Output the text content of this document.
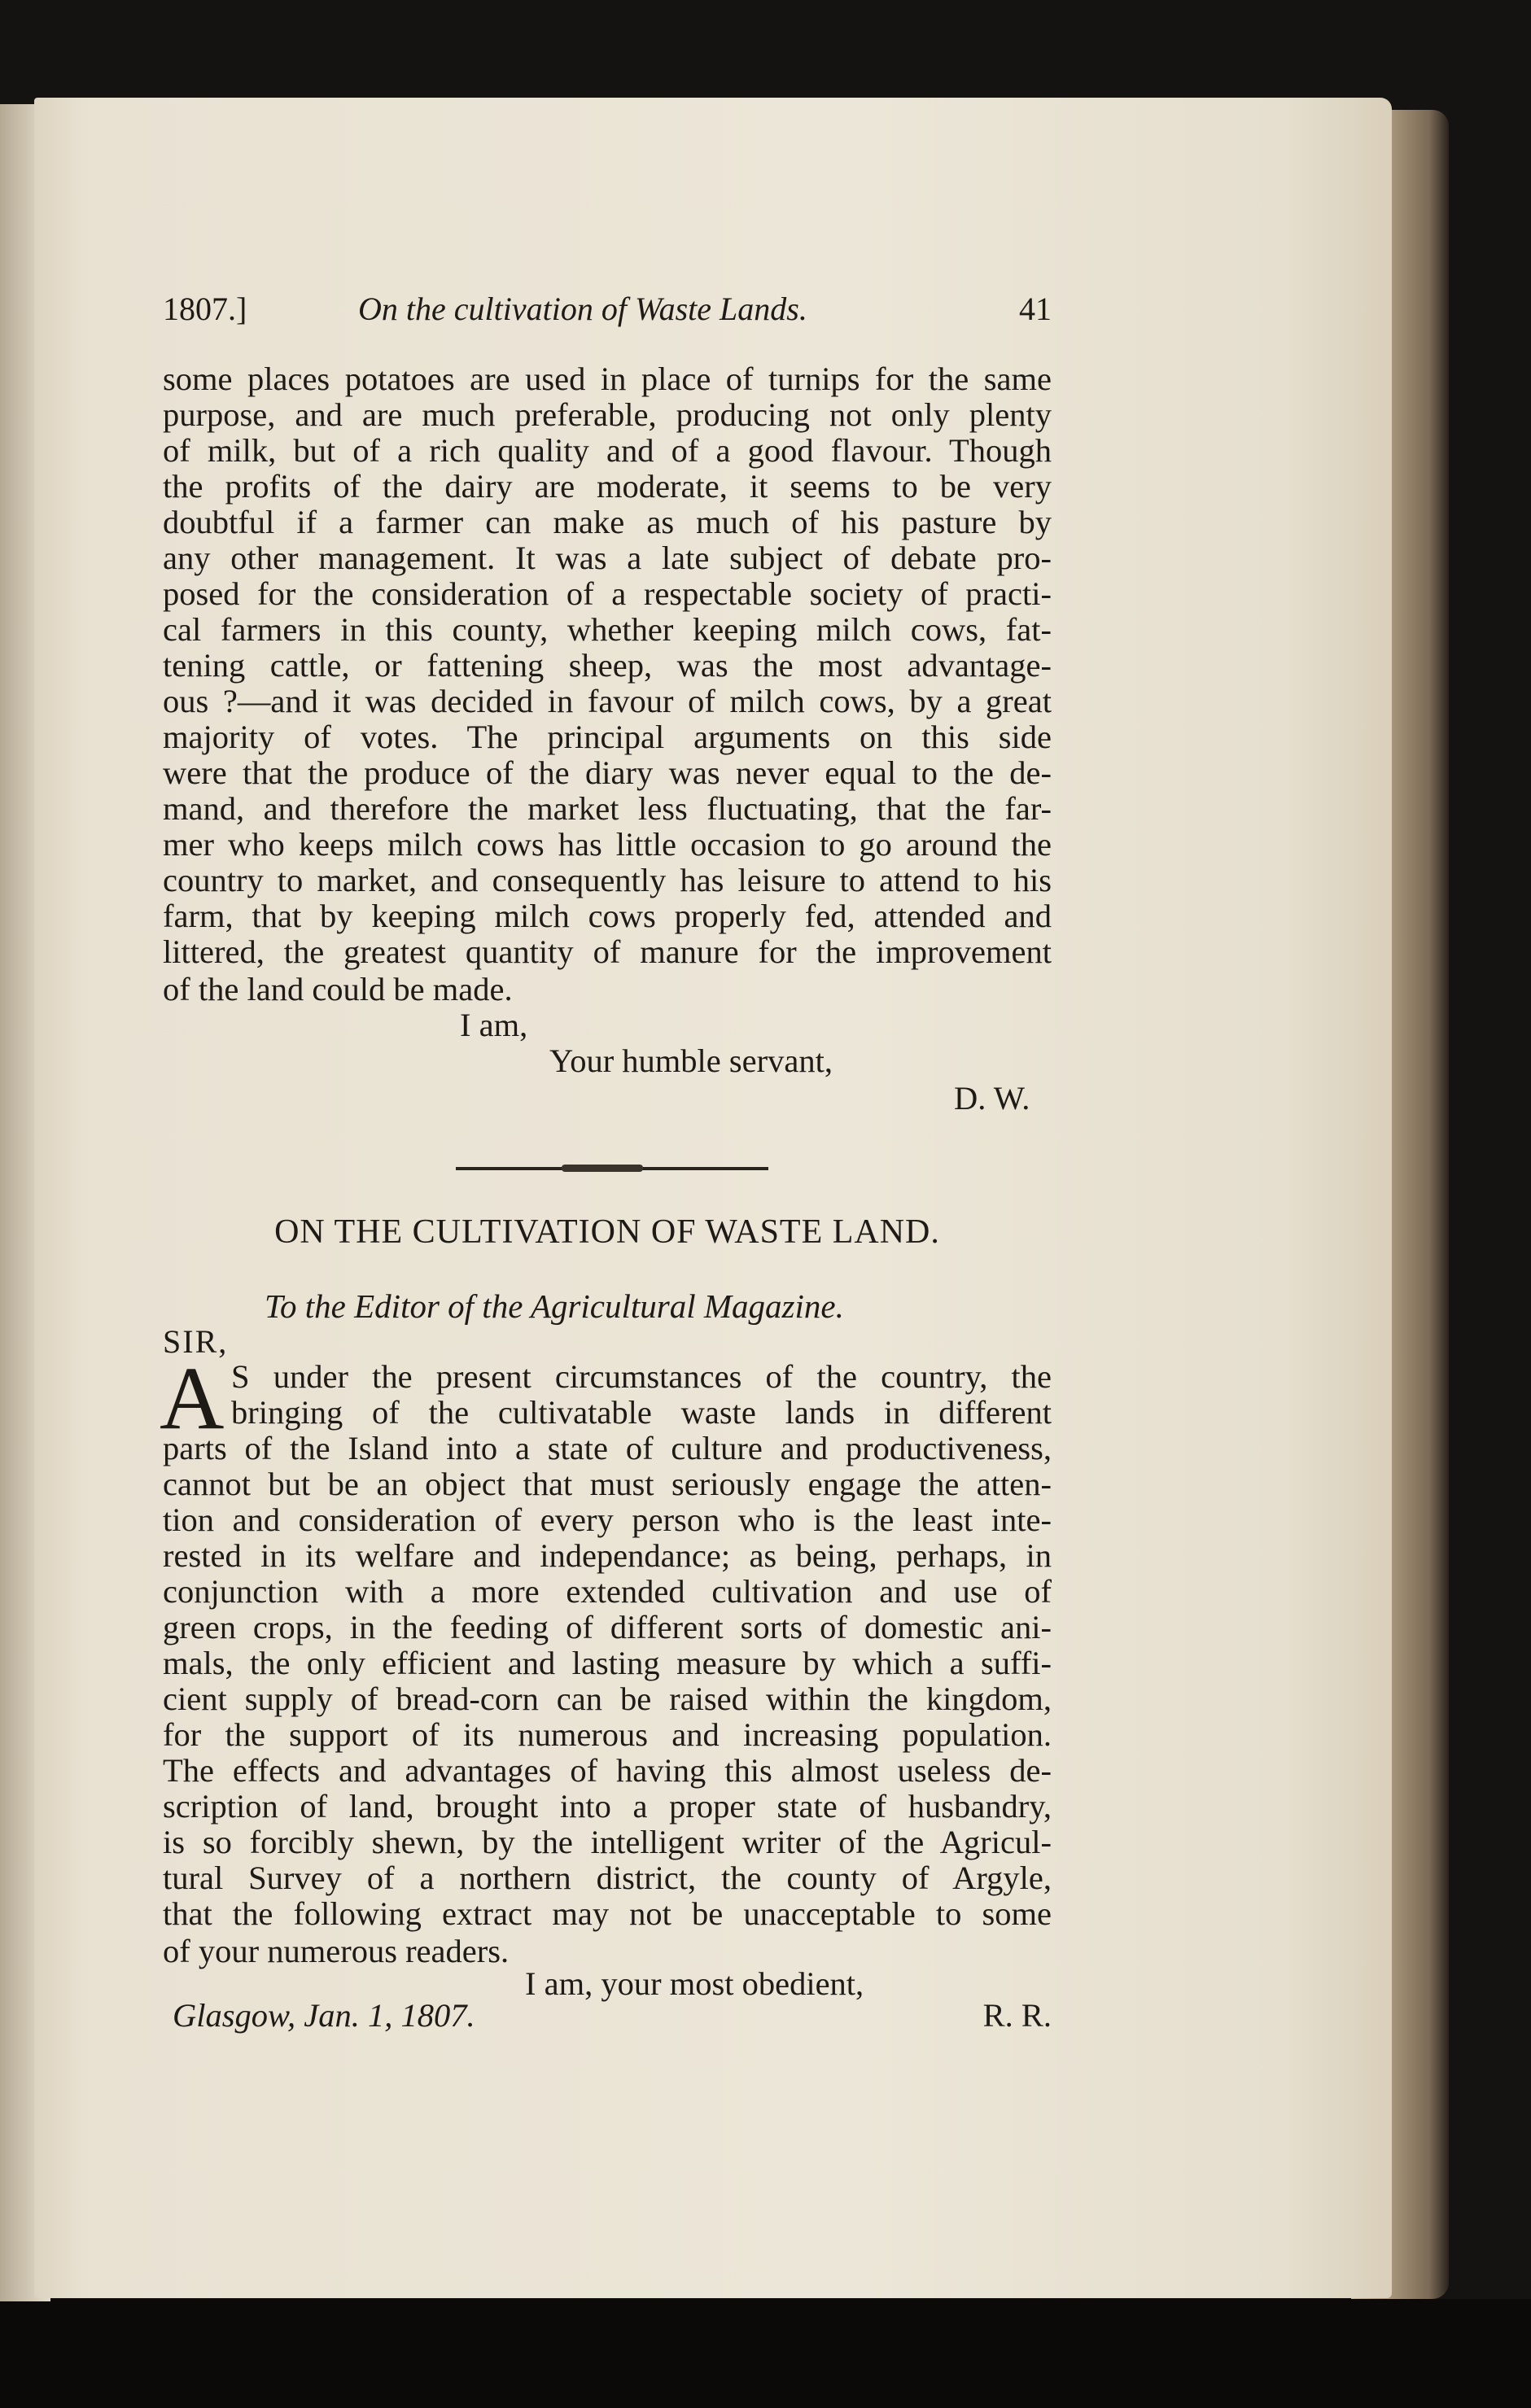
1807.]	On the cultivation of Waste Lands.	41
some places potatoes are used in place of turnips for the same
purpose, and are much preferable, producing not only plenty
of milk, but of a rich quality and of a good flavour. Though
the profits of the dairy are moderate, it seems to be very
doubtful if a farmer can make as much of his pasture by
any other management. It was a late subject of debate pro-
posed for the consideration of a respectable society of practi-
cal farmers in this county, whether keeping milch cows, fat-
tening cattle, or fattening sheep, was the most advantage-
ous ?—and it was decided in favour of milch cows, by a great
majority of votes. The principal arguments on this side
were that the produce of the diary was never equal to the de-
mand, and therefore the market less fluctuating, that the far-
mer who keeps milch cows has little occasion to go around the
country to market, and consequently has leisure to attend to his
farm, that by keeping milch cows properly fed, attended and
littered, the greatest quantity of manure for the improvement
of the land could be made.
I am,
Your humble servant,
D. W.
ON THE CULTIVATION OF WASTE LAND.
To the Editor of the Agricultural Magazine.
SIR,
A S under the present circumstances of the country, the
bringing of the cultivatable waste lands in different
parts of the Island into a state of culture and productiveness,
cannot but be an object that must seriously engage the atten-
tion and consideration of every person who is the least inte-
rested in its welfare and independance; as being, perhaps, in
conjunction with a more extended cultivation and use of
green crops, in the feeding of different sorts of domestic ani-
mals, the only efficient and lasting measure by which a suffi-
cient supply of bread-corn can be raised within the kingdom,
for the support of its numerous and increasing population.
The effects and advantages of having this almost useless de-
scription of land, brought into a proper state of husbandry,
is so forcibly shewn, by the intelligent writer of the Agricul-
tural Survey of a northern district, the county of Argyle,
that the following extract may not be unacceptable to some
of your numerous readers.
I am, your most obedient,
Glasgow, Jan. 1, 1807.	R. R.
